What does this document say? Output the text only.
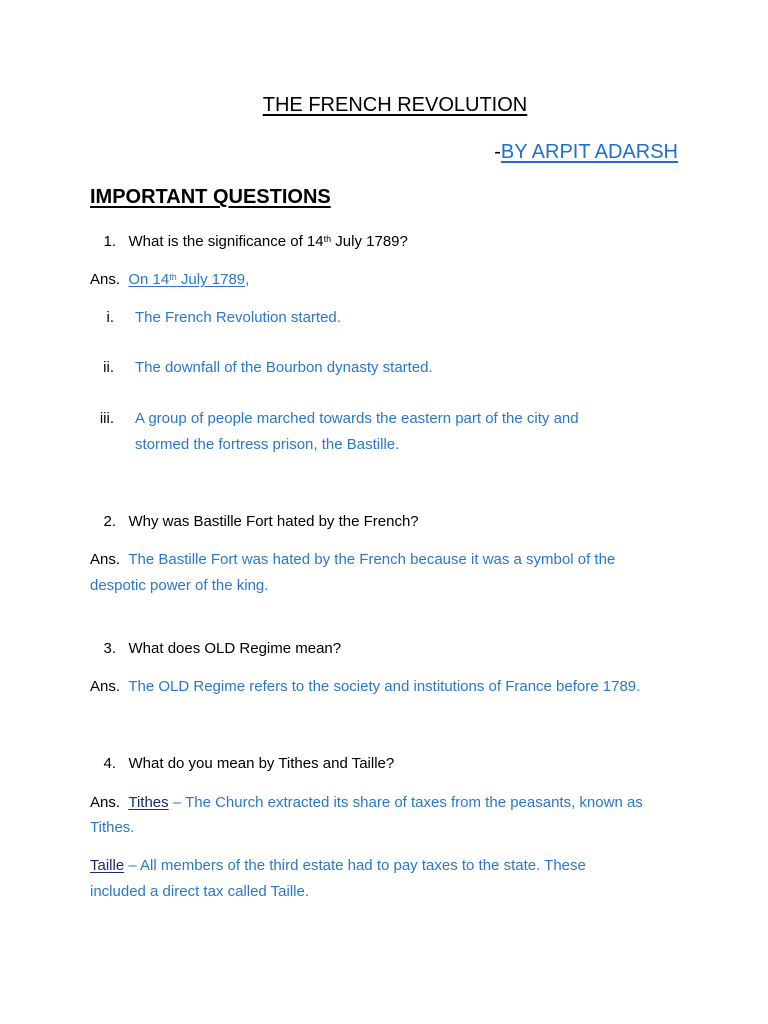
THE FRENCH REVOLUTION
-BY ARPIT ADARSH
IMPORTANT QUESTIONS
1. What is the significance of 14th July 1789?
Ans. On 14th July 1789,
i. The French Revolution started.
ii. The downfall of the Bourbon dynasty started.
iii. A group of people marched towards the eastern part of the city and
stormed the fortress prison, the Bastille.
2. Why was Bastille Fort hated by the French?
Ans. The Bastille Fort was hated by the French because it was a symbol of the
despotic power of the king.
3. What does OLD Regime mean?
Ans. The OLD Regime refers to the society and institutions of France before 1789.
4. What do you mean by Tithes and Taille?
Ans. Tithes – The Church extracted its share of taxes from the peasants, known as
Tithes.
Taille – All members of the third estate had to pay taxes to the state. These
included a direct tax called Taille.
